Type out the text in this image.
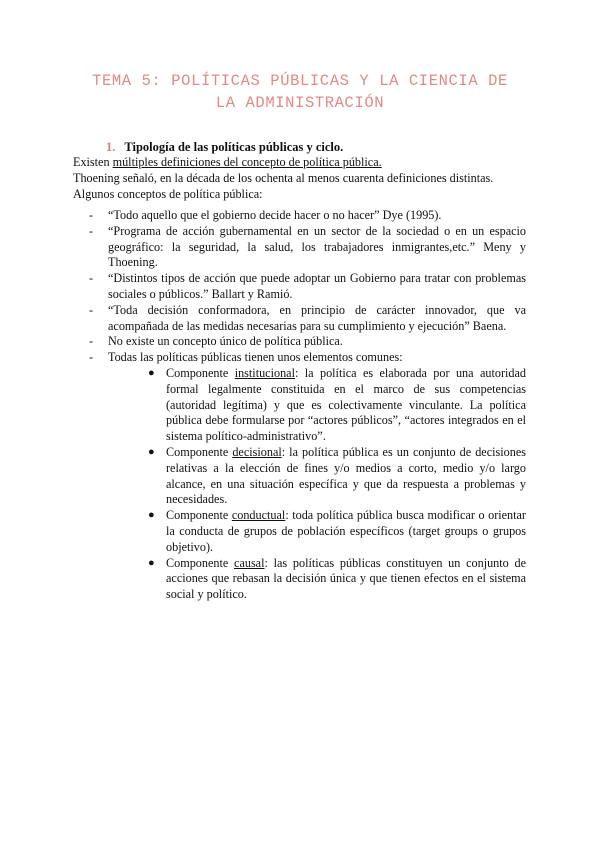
TEMA 5: POLÍTICAS PÚBLICAS Y LA CIENCIA DE
LA ADMINISTRACIÓN
1. Tipología de las políticas públicas y ciclo.

Existen múltiples definiciones del concepto de política pública.

Thoening señaló, en la década de los ochenta al menos cuarenta definiciones distintas.

Algunos conceptos de política pública:

- “Todo aquello que el gobierno decide hacer o no hacer” Dye (1995).
- “Programa de acción gubernamental en un sector de la sociedad o en un espacio geográfico: la seguridad, la salud, los trabajadores inmigrantes,etc.” Meny y Thoening.
- “Distintos tipos de acción que puede adoptar un Gobierno para tratar con problemas sociales o públicos.” Ballart y Ramió.
- “Toda decisión conformadora, en principio de carácter innovador, que va acompañada de las medidas necesarias para su cumplimiento y ejecución” Baena.
- No existe un concepto único de política pública.
- Todas las políticas públicas tienen unos elementos comunes:
● Componente institucional: la política es elaborada por una autoridad formal legalmente constituida en el marco de sus competencias (autoridad legítima) y que es colectivamente vinculante. La política pública debe formularse por “actores públicos”, “actores integrados en el sistema político-administrativo”.
● Componente decisional: la política pública es un conjunto de decisiones relativas a la elección de fines y/o medios a corto, medio y/o largo alcance, en una situación específica y que da respuesta a problemas y necesidades.
● Componente conductual: toda política pública busca modificar o orientar la conducta de grupos de población específicos (target groups o grupos objetivo).
● Componente causal: las políticas públicas constituyen un conjunto de acciones que rebasan la decisión única y que tienen efectos en el sistema social y político.
